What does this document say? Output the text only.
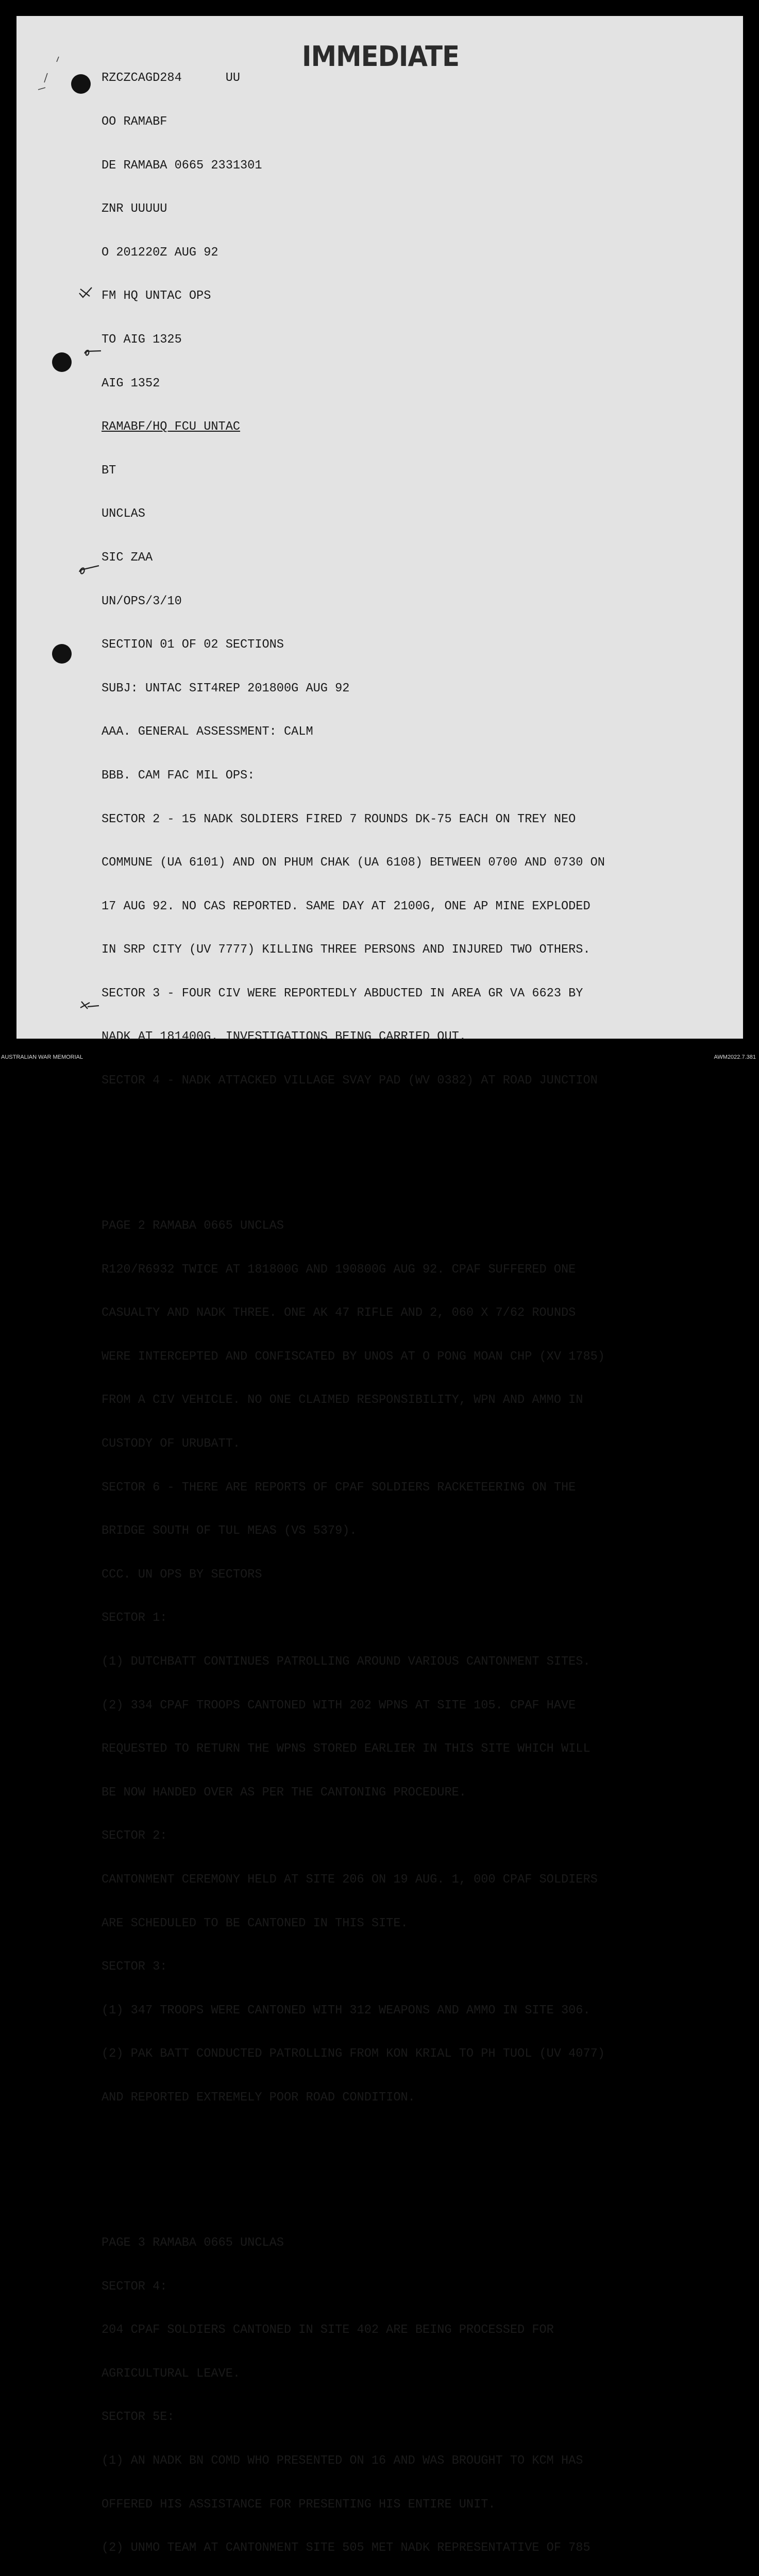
IMMEDIATE

RZCZCAGD284      UU

OO RAMABF

DE RAMABA 0665 2331301

ZNR UUUUU

O 201220Z AUG 92

FM HQ UNTAC OPS

TO AIG 1325

AIG 1352

RAMABF/HQ FCU UNTAC

BT

UNCLAS

SIC ZAA

UN/OPS/3/10

SECTION 01 OF 02 SECTIONS

SUBJ: UNTAC SIT4REP 201800G AUG 92

AAA. GENERAL ASSESSMENT: CALM

BBB. CAM FAC MIL OPS:

SECTOR 2 - 15 NADK SOLDIERS FIRED 7 ROUNDS DK-75 EACH ON TREY NEO

COMMUNE (UA 6101) AND ON PHUM CHAK (UA 6108) BETWEEN 0700 AND 0730 ON

17 AUG 92. NO CAS REPORTED. SAME DAY AT 2100G, ONE AP MINE EXPLODED

IN SRP CITY (UV 7777) KILLING THREE PERSONS AND INJURED TWO OTHERS.

SECTOR 3 - FOUR CIV WERE REPORTEDLY ABDUCTED IN AREA GR VA 6623 BY

NADK AT 181400G. INVESTIGATIONS BEING CARRIED OUT.

SECTOR 4 - NADK ATTACKED VILLAGE SVAY PAD (WV 0382) AT ROAD JUNCTION

PAGE 2 RAMABA 0665 UNCLAS

R120/R6932 TWICE AT 181800G AND 190800G AUG 92. CPAF SUFFERED ONE

CASUALTY AND NADK THREE. ONE AK 47 RIFLE AND 2, 060 X 7/62 ROUNDS

WERE INTERCEPTED AND CONFISCATED BY UNOS AT O PONG MOAN CHP (XV 1785)

FROM A CIV VEHICLE. NO ONE CLAIMED RESPONSIBILITY, WPN AND AMMO IN

CUSTODY OF URUBATT.

SECTOR 6 - THERE ARE REPORTS OF CPAF SOLDIERS RACKETEERING ON THE

BRIDGE SOUTH OF TUL MEAS (VS 5379).

CCC. UN OPS BY SECTORS

SECTOR 1:

(1) DUTCHBATT CONTINUES PATROLLING AROUND VARIOUS CANTONMENT SITES.

(2) 334 CPAF TROOPS CANTONED WITH 202 WPNS AT SITE 105. CPAF HAVE

REQUESTED TO RETURN THE WPNS STORED EARLIER IN THIS SITE WHICH WILL

BE NOW HANDED OVER AS PER THE CANTONING PROCEDURE.

SECTOR 2:

CANTONMENT CEREMONY HELD AT SITE 206 ON 19 AUG. 1, 000 CPAF SOLDIERS

ARE SCHEDULED TO BE CANTONED IN THIS SITE.

SECTOR 3:

(1) 347 TROOPS WERE CANTONED WITH 312 WEAPONS AND AMMO IN SITE 306.

(2) PAK BATT CONDUCTED PATROLLING FROM KON KRIAL TO PH TUOL (UV 4077)

AND REPORTED EXTREMELY POOR ROAD CONDITION.

PAGE 3 RAMABA 0665 UNCLAS

SECTOR 4:

204 CPAF SOLDIERS CANTONED IN SITE 402 ARE BEING PROCESSED FOR

AGRICULTURAL LEAVE.

SECTOR 5E:

(1) AN NADK BN COMD WHO PRESENTED ON 16 AND WAS BROUGHT TO KCM HAS

OFFERED HIS ASSISTANCE FOR PRESENTING HIS ENTIRE UNIT.

(2) UNMO TEAM AT CANTONMENT SITE 505 MET NADK REPRESENTATIVE OF 785

AUSTRALIAN WAR MEMORIAL	AWM2022.7.381
